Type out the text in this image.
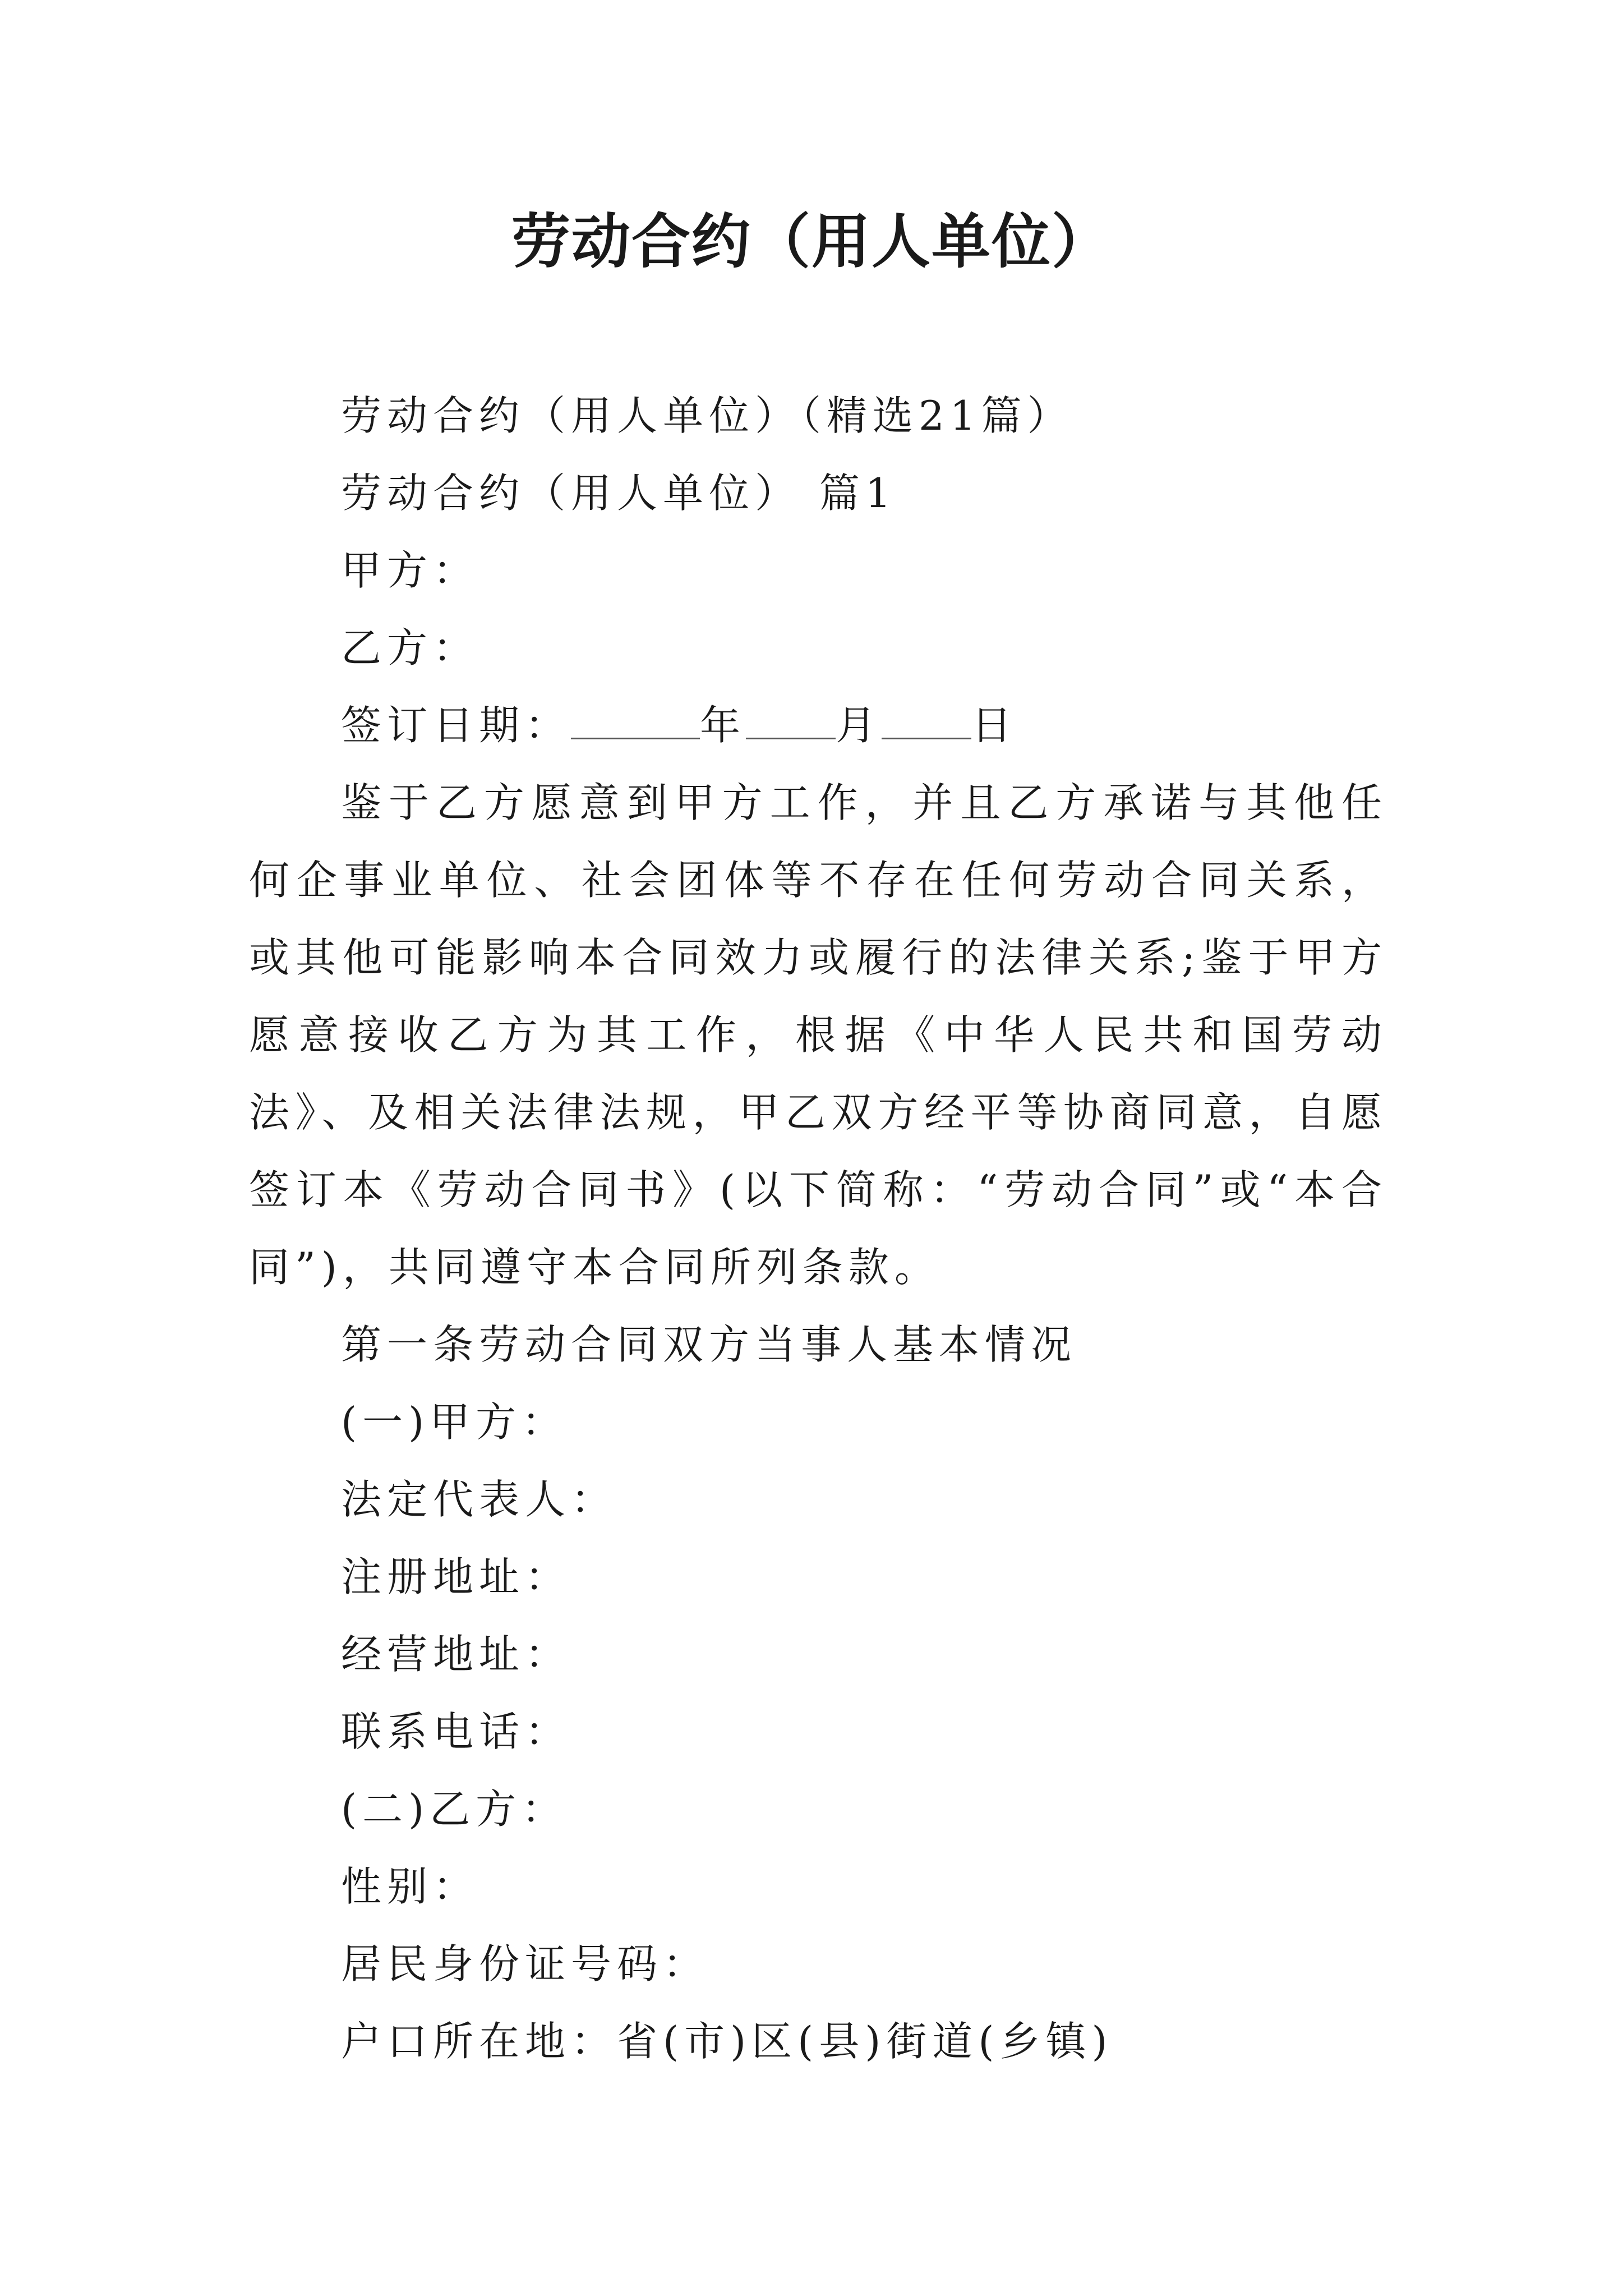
劳动合约（用人单位）

劳动合约（用人单位）（精选21篇）

劳动合约（用人单位） 篇1

甲方：

乙方：

签订日期：	年 月 日

鉴于乙方愿意到甲方工作，并且乙方承诺与其他任何企事业单位、社会团体等不存在任何劳动合同关系，或其他可能影响本合同效力或履行的法律关系;鉴于甲方愿意接收乙方为其工作，根据《中华人民共和国劳动法》、及相关法律法规，甲乙双方经平等协商同意，自愿签订本《劳动合同书》(以下简称：“劳动合同”或“本合同”)，共同遵守本合同所列条款。

第一条劳动合同双方当事人基本情况

(一)甲方：

法定代表人：

注册地址：

经营地址：

联系电话：

(二)乙方：

性别：

居民身份证号码：

户口所在地：省(市)区(县)街道(乡镇)
